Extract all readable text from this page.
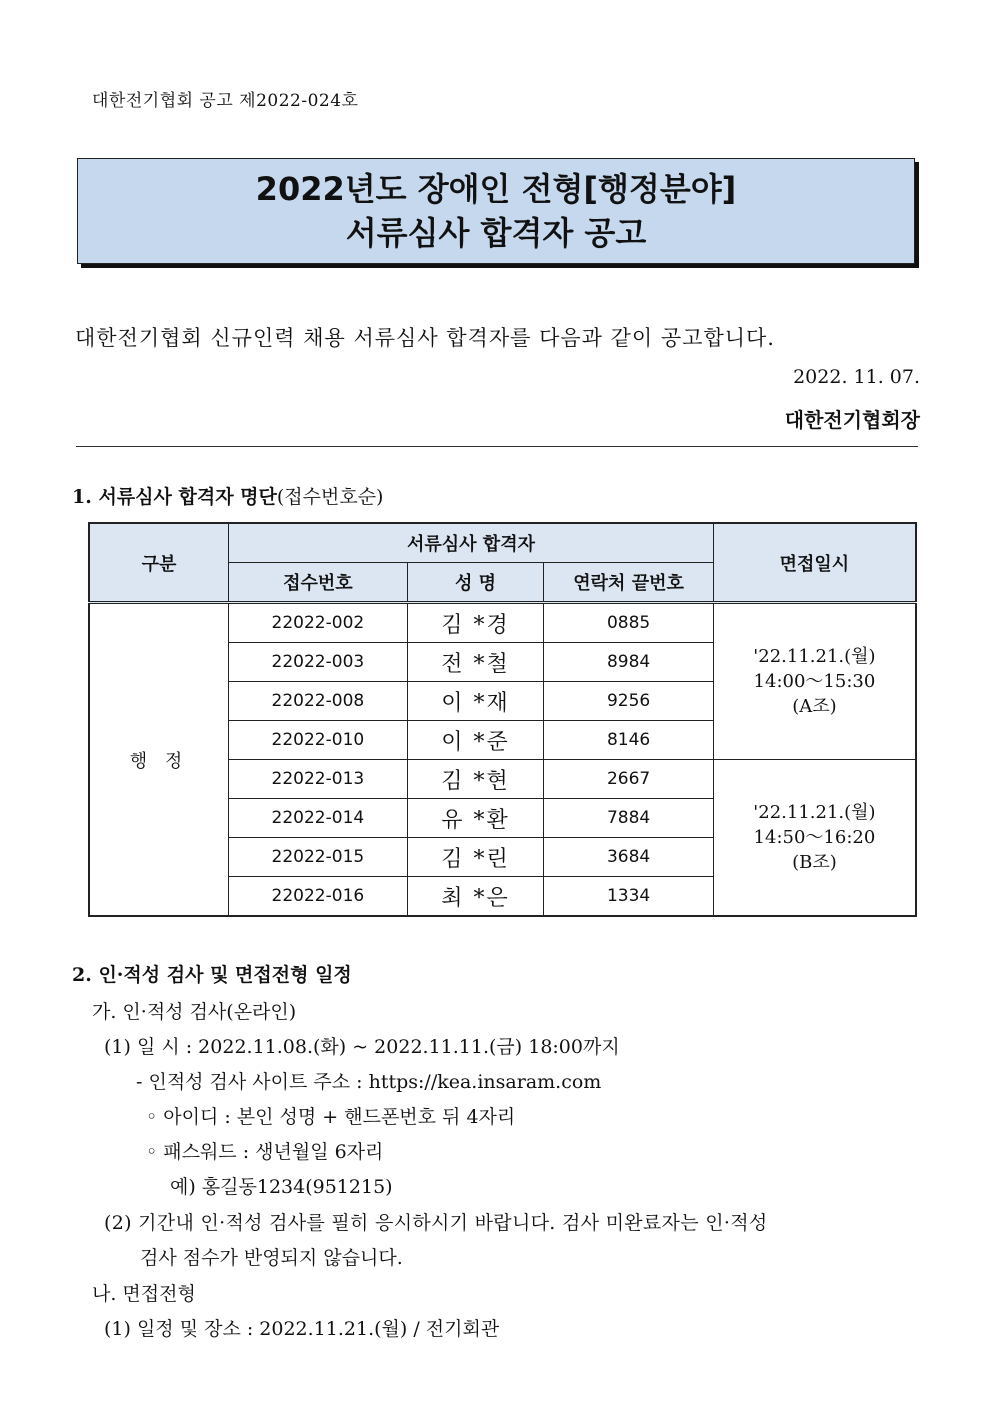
대한전기협회 공고 제2022-024호
2022년도 장애인 전형[행정분야]
서류심사 합격자 공고
대한전기협회 신규인력 채용 서류심사 합격자를 다음과 같이 공고합니다.
2022. 11. 07.
대한전기협회장
1. 서류심사 합격자 명단(접수번호순)
구분	서류심사 합격자			면접일시
	접수번호	성 명	연락처 끝번호	
행 정	22022-002	김 *경	0885	'22.11.21.(월)
14:00～15:30
(A조)

	22022-003	전 *철	8984	
	22022-008	이 *재	9256	
	22022-010	이 *준	8146	
	22022-013	김 *현	2667	'22.11.21.(월)
14:50～16:20
(B조)

	22022-014	유 *환	7884	
	22022-015	김 *린	3684	
	22022-016	최 *은	1334	
2. 인·적성 검사 및 면접전형 일정
가. 인·적성 검사(온라인)
(1) 일 시 : 2022.11.08.(화) ~ 2022.11.11.(금) 18:00까지
- 인적성 검사 사이트 주소 : https://kea.insaram.com
◦ 아이디 : 본인 성명 + 핸드폰번호 뒤 4자리
◦ 패스워드 : 생년월일 6자리
예) 홍길동1234(951215)
(2) 기간내 인·적성 검사를 필히 응시하시기 바랍니다. 검사 미완료자는 인·적성
검사 점수가 반영되지 않습니다.
나. 면접전형
(1) 일정 및 장소 : 2022.11.21.(월) / 전기회관
